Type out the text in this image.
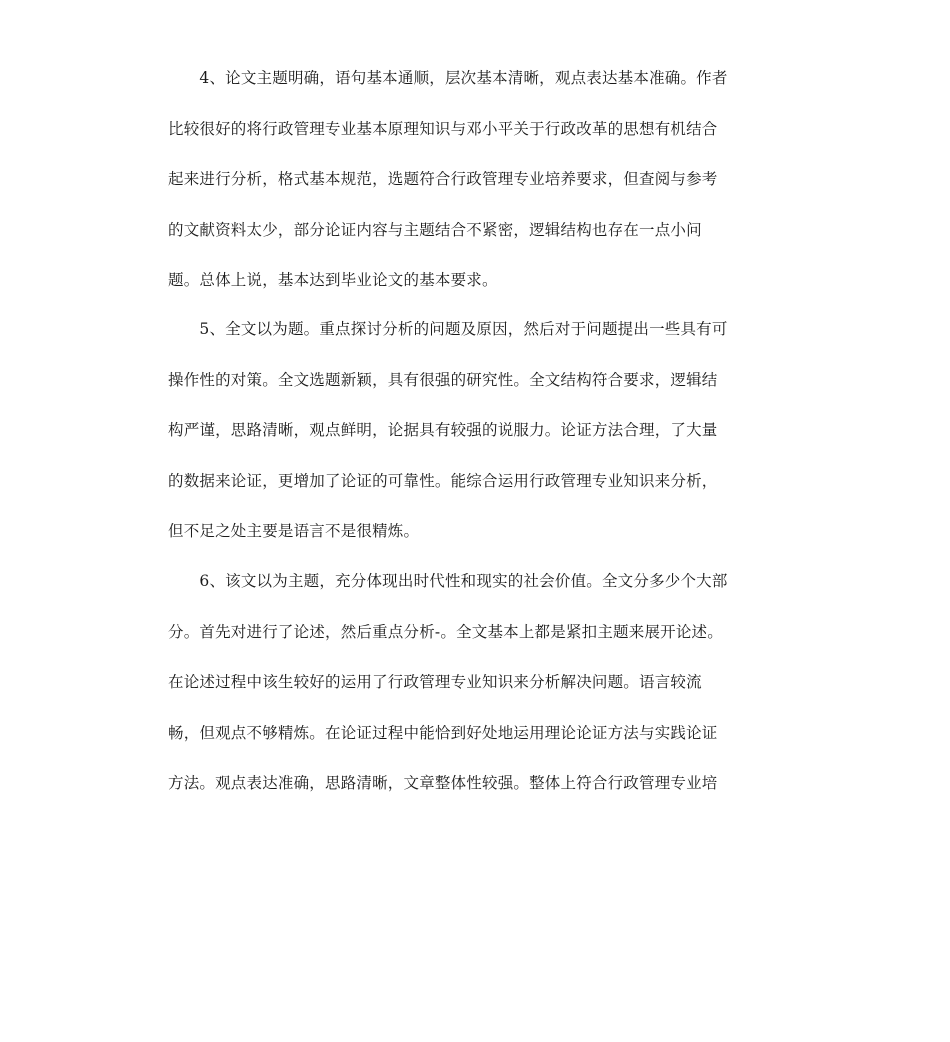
　　4、论文主题明确，语句基本通顺，层次基本清晰，观点表达基本准确。作者
比较很好的将行政管理专业基本原理知识与邓小平关于行政改革的思想有机结合
起来进行分析，格式基本规范，选题符合行政管理专业培养要求，但查阅与参考
的文献资料太少，部分论证内容与主题结合不紧密，逻辑结构也存在一点小问
题。总体上说，基本达到毕业论文的基本要求。
　　5、全文以为题。重点探讨分析的问题及原因，然后对于问题提出一些具有可
操作性的对策。全文选题新颖，具有很强的研究性。全文结构符合要求，逻辑结
构严谨，思路清晰，观点鲜明，论据具有较强的说服力。论证方法合理，了大量
的数据来论证，更增加了论证的可靠性。能综合运用行政管理专业知识来分析，
但不足之处主要是语言不是很精炼。
　　6、该文以为主题，充分体现出时代性和现实的社会价值。全文分多少个大部
分。首先对进行了论述，然后重点分析-。全文基本上都是紧扣主题来展开论述。
在论述过程中该生较好的运用了行政管理专业知识来分析解决问题。语言较流
畅，但观点不够精炼。在论证过程中能恰到好处地运用理论论证方法与实践论证
方法。观点表达准确，思路清晰，文章整体性较强。整体上符合行政管理专业培
